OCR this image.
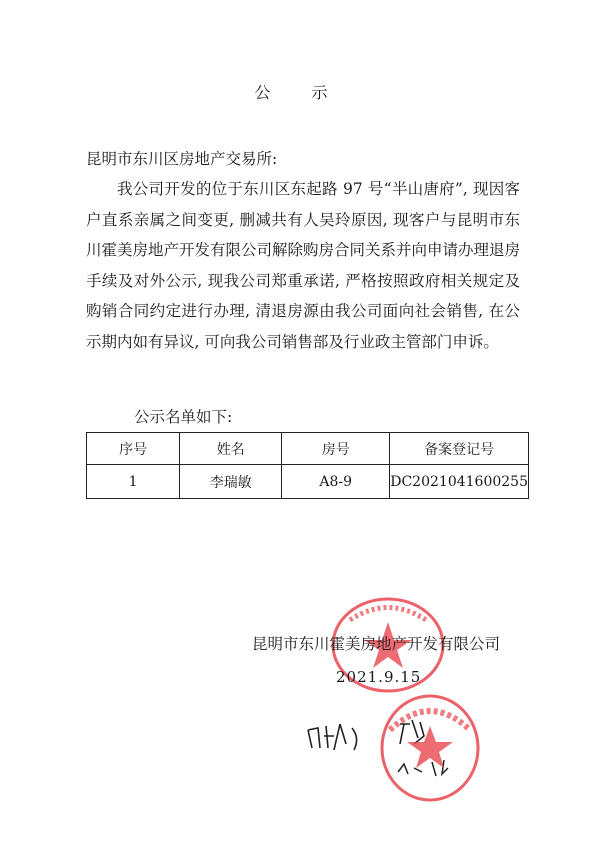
公 示
昆明市东川区房地产交易所:

我公司开发的位于东川区东起路 97 号“半山唐府”, 现因客户直系亲属之间变更, 删减共有人吴玲原因, 现客户与昆明市东川霍美房地产开发有限公司解除购房合同关系并向申请办理退房手续及对外公示, 现我公司郑重承诺, 严格按照政府相关规定及购销合同约定进行办理, 清退房源由我公司面向社会销售, 在公示期内如有异议, 可向我公司销售部及行业政主管部门申诉。

公示名单如下:
序号	姓名	房号	备案登记号
1	李瑞敏	A8-9	DC2021041600255
昆明市东川霍美房地产开发有限公司
2021.9.15
